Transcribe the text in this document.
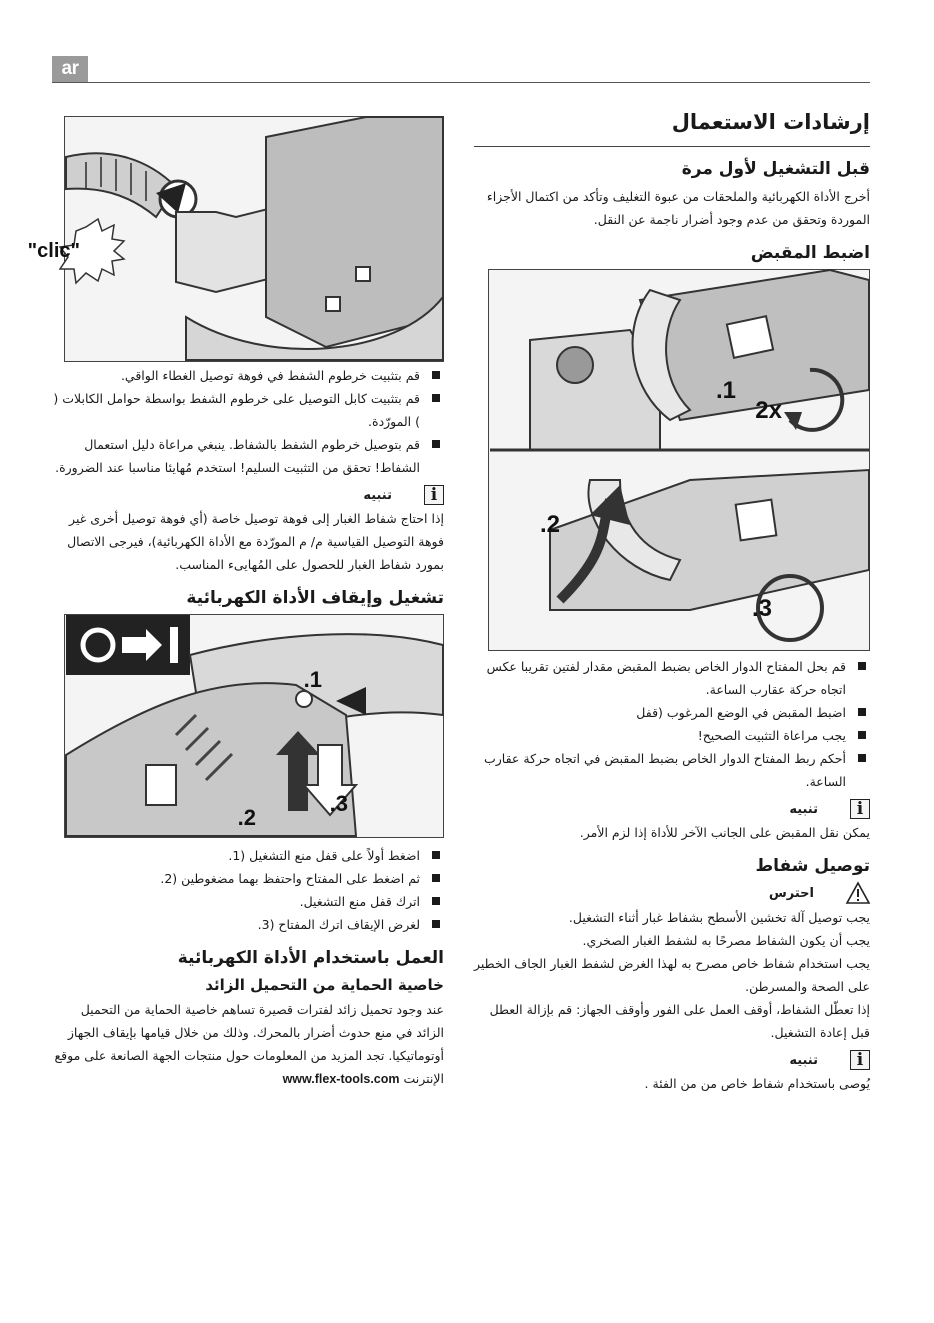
ar
إرشادات الاستعمال
قبل التشغيل لأول مرة

أخرج الأداة الكهربائية والملحقات من عبوة التغليف وتأكد من اكتمال الأجزاء الموردة وتحقق من عدم وجود أضرار ناجمة عن النقل.

اضبط المقبض
1.
2x
2.
3.
قم بحل المفتاح الدوار الخاص بضبط المقبض مقدار لفتين تقريبا عكس اتجاه حركة عقارب الساعة.
اضبط المقبض في الوضع المرغوب (قفل
يجب مراعاة التثبيت الصحيح!
أحكم ربط المفتاح الدوار الخاص بضبط المقبض في اتجاه حركة عقارب الساعة.
i
تنبيه

يمكن نقل المقبض على الجانب الآخر للأداة إذا لزم الأمر.

توصيل شفاط
احترس

يجب توصيل آلة تخشين الأسطح بشفاط غبار أثناء التشغيل.

يجب أن يكون الشفاط مصرحًا به لشفط الغبار الصخري.

يجب استخدام شفاط خاص مصرح به لهذا الغرض لشفط الغبار الجاف الخطير على الصحة والمسرطن.

إذا تعطّل الشفاط، أوقف العمل على الفور وأوقف الجهاز: قم بإزالة العطل قبل إعادة التشغيل.

i
تنبيه

يُوصى باستخدام شفاط خاص من من الفئة .

"clic"
قم بتثبيت خرطوم الشفط في فوهة توصيل الغطاء الواقي.
قم بتثبيت كابل التوصيل على خرطوم الشفط بواسطة حوامل الكابلات ( ) المورّدة.
قم بتوصيل خرطوم الشفط بالشفاط. ينبغي مراعاة دليل استعمال الشفاط! تحقق من التثبيت السليم! استخدم مُهايئا مناسبا عند الضرورة.
i
تنبيه

إذا احتاج شفاط الغبار إلى فوهة توصيل خاصة (أي فوهة توصيل أخرى غير فوهة التوصيل القياسية م/ م المورّدة مع الأداة الكهربائية)، فيرجى الاتصال بمورد شفاط الغبار للحصول على المُهايىء المناسب.

تشغيل وإيقاف الأداة الكهربائية
1.
2.
3.
اضغط أولاً على قفل منع التشغيل (1.
ثم اضغط على المفتاح واحتفظ بهما مضغوطين (2.
اترك قفل منع التشغيل.
لغرض الإيقاف اترك المفتاح (3.
العمل باستخدام الأداة الكهربائية
خاصية الحماية من التحميل الزائد

عند وجود تحميل زائد لفترات قصيرة تساهم خاصية الحماية من التحميل الزائد في منع حدوث أضرار بالمحرك. وذلك من خلال قيامها بإيقاف الجهاز أوتوماتيكيا. تجد المزيد من المعلومات حول منتجات الجهة الصانعة على موقع الإنترنت www.flex-tools.com
